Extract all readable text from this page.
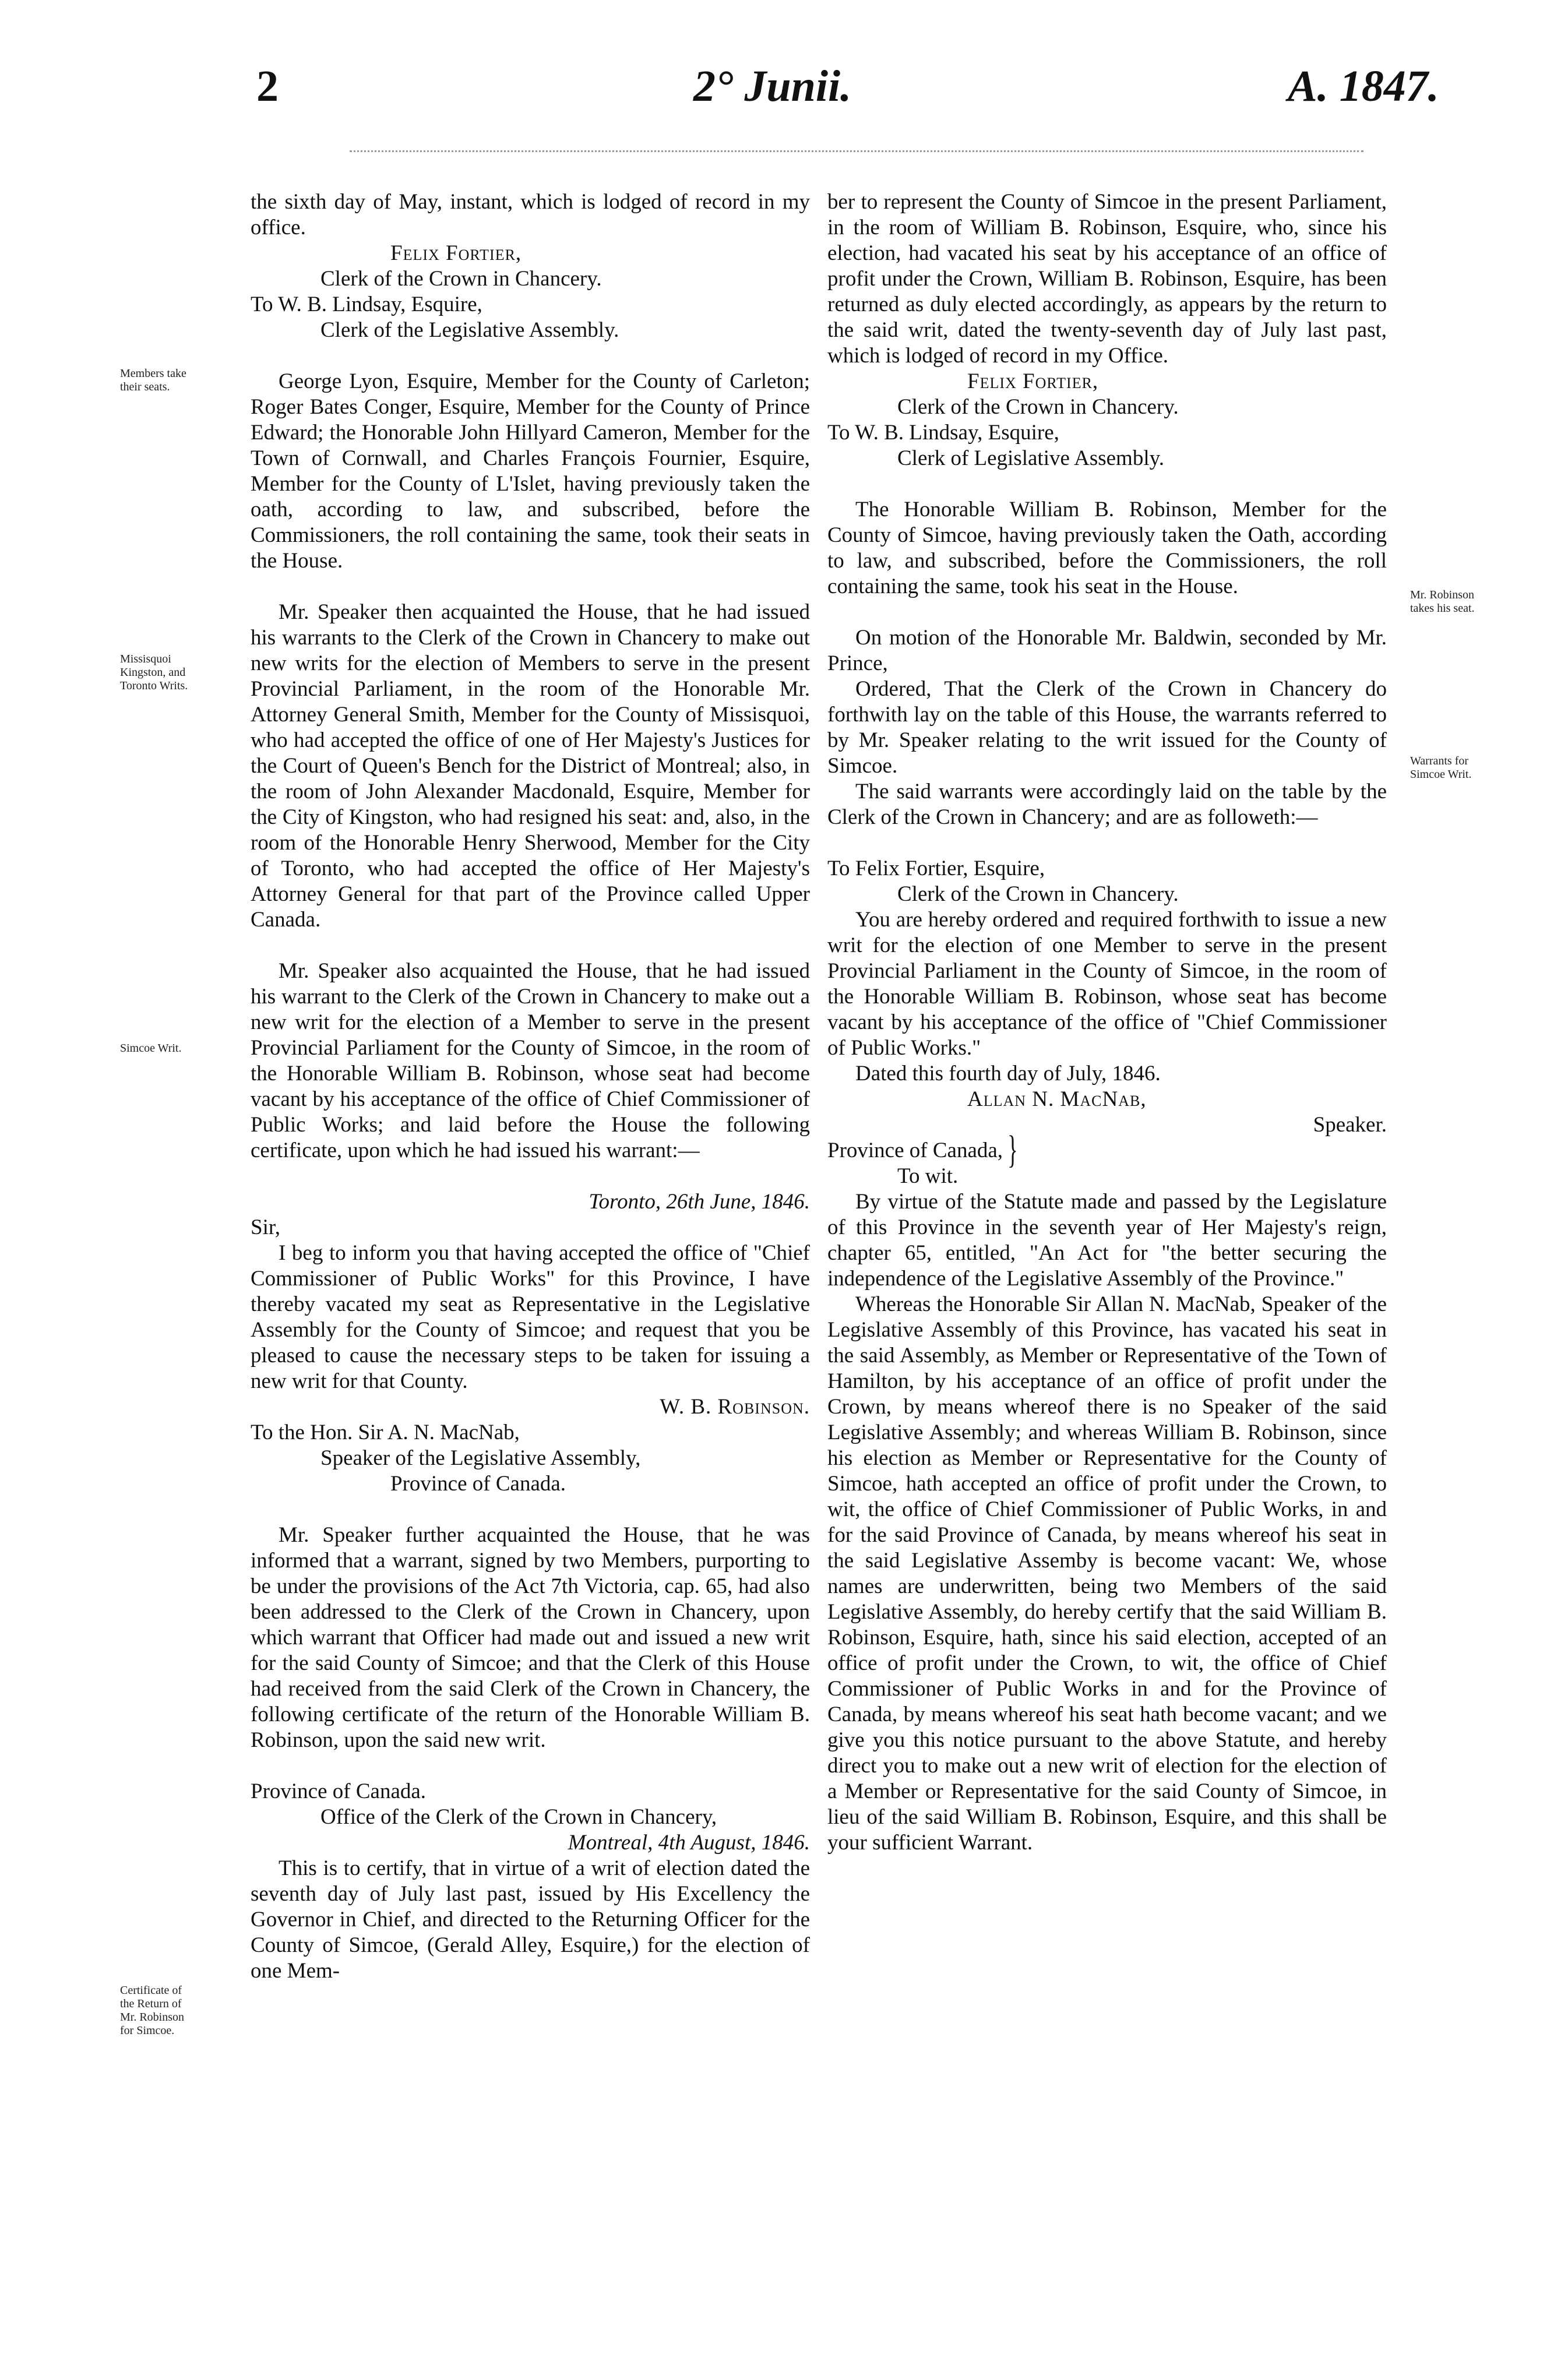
2	2° Junii.	A. 1847.
Members take their seats.
Missisquoi Kingston, and Toronto Writs.
Simcoe Writ.
Certificate of the Return of Mr. Robinson for Simcoe.
Mr. Robinson takes his seat.
Warrants for Simcoe Writ.

the sixth day of May, instant, which is lodged of record in my office.

Felix Fortier,

Clerk of the Crown in Chancery.

To W. B. Lindsay, Esquire,

Clerk of the Legislative Assembly.

George Lyon, Esquire, Member for the County of Carleton; Roger Bates Conger, Esquire, Member for the County of Prince Edward; the Honorable John Hillyard Cameron, Member for the Town of Cornwall, and Charles François Fournier, Esquire, Member for the County of L'Islet, having previously taken the oath, according to law, and subscribed, before the Commissioners, the roll containing the same, took their seats in the House.

Mr. Speaker then acquainted the House, that he had issued his warrants to the Clerk of the Crown in Chancery to make out new writs for the election of Members to serve in the present Provincial Parliament, in the room of the Honorable Mr. Attorney General Smith, Member for the County of Missisquoi, who had accepted the office of one of Her Majesty's Justices for the Court of Queen's Bench for the District of Montreal; also, in the room of John Alexander Macdonald, Esquire, Member for the City of Kingston, who had resigned his seat: and, also, in the room of the Honorable Henry Sherwood, Member for the City of Toronto, who had accepted the office of Her Majesty's Attorney General for that part of the Province called Upper Canada.

Mr. Speaker also acquainted the House, that he had issued his warrant to the Clerk of the Crown in Chancery to make out a new writ for the election of a Member to serve in the present Provincial Parliament for the County of Simcoe, in the room of the Honorable William B. Robinson, whose seat had become vacant by his acceptance of the office of Chief Commissioner of Public Works; and laid before the House the following certificate, upon which he had issued his warrant:—

Toronto, 26th June, 1846.

Sir,

I beg to inform you that having accepted the office of "Chief Commissioner of Public Works" for this Province, I have thereby vacated my seat as Representative in the Legislative Assembly for the County of Simcoe; and request that you be pleased to cause the necessary steps to be taken for issuing a new writ for that County.

W. B. Robinson.

To the Hon. Sir A. N. MacNab,

Speaker of the Legislative Assembly,

Province of Canada.

Mr. Speaker further acquainted the House, that he was informed that a warrant, signed by two Members, purporting to be under the provisions of the Act 7th Victoria, cap. 65, had also been addressed to the Clerk of the Crown in Chancery, upon which warrant that Officer had made out and issued a new writ for the said County of Simcoe; and that the Clerk of this House had received from the said Clerk of the Crown in Chancery, the following certificate of the return of the Honorable William B. Robinson, upon the said new writ.

Province of Canada.

Office of the Clerk of the Crown in Chancery,

Montreal, 4th August, 1846.

This is to certify, that in virtue of a writ of election dated the seventh day of July last past, issued by His Excellency the Governor in Chief, and directed to the Returning Officer for the County of Simcoe, (Gerald Alley, Esquire,) for the election of one Mem-

ber to represent the County of Simcoe in the present Parliament, in the room of William B. Robinson, Esquire, who, since his election, had vacated his seat by his acceptance of an office of profit under the Crown, William B. Robinson, Esquire, has been returned as duly elected accordingly, as appears by the return to the said writ, dated the twenty-seventh day of July last past, which is lodged of record in my Office.

Felix Fortier,

Clerk of the Crown in Chancery.

To W. B. Lindsay, Esquire,

Clerk of Legislative Assembly.

The Honorable William B. Robinson, Member for the County of Simcoe, having previously taken the Oath, according to law, and subscribed, before the Commissioners, the roll containing the same, took his seat in the House.

On motion of the Honorable Mr. Baldwin, seconded by Mr. Prince,

Ordered, That the Clerk of the Crown in Chancery do forthwith lay on the table of this House, the warrants referred to by Mr. Speaker relating to the writ issued for the County of Simcoe.

The said warrants were accordingly laid on the table by the Clerk of the Crown in Chancery; and are as followeth:—

To Felix Fortier, Esquire,

Clerk of the Crown in Chancery.

You are hereby ordered and required forthwith to issue a new writ for the election of one Member to serve in the present Provincial Parliament in the County of Simcoe, in the room of the Honorable William B. Robinson, whose seat has become vacant by his acceptance of the office of "Chief Commissioner of Public Works."

Dated this fourth day of July, 1846.

Allan N. MacNab,

Speaker.

Province of Canada, }

To wit.

By virtue of the Statute made and passed by the Legislature of this Province in the seventh year of Her Majesty's reign, chapter 65, entitled, "An Act for "the better securing the independence of the Legislative Assembly of the Province."

Whereas the Honorable Sir Allan N. MacNab, Speaker of the Legislative Assembly of this Province, has vacated his seat in the said Assembly, as Member or Representative of the Town of Hamilton, by his acceptance of an office of profit under the Crown, by means whereof there is no Speaker of the said Legislative Assembly; and whereas William B. Robinson, since his election as Member or Representative for the County of Simcoe, hath accepted an office of profit under the Crown, to wit, the office of Chief Commissioner of Public Works, in and for the said Province of Canada, by means whereof his seat in the said Legislative Assemby is become vacant: We, whose names are underwritten, being two Members of the said Legislative Assembly, do hereby certify that the said William B. Robinson, Esquire, hath, since his said election, accepted of an office of profit under the Crown, to wit, the office of Chief Commissioner of Public Works in and for the Province of Canada, by means whereof his seat hath become vacant; and we give you this notice pursuant to the above Statute, and hereby direct you to make out a new writ of election for the election of a Member or Representative for the said County of Simcoe, in lieu of the said William B. Robinson, Esquire, and this shall be your sufficient Warrant.
